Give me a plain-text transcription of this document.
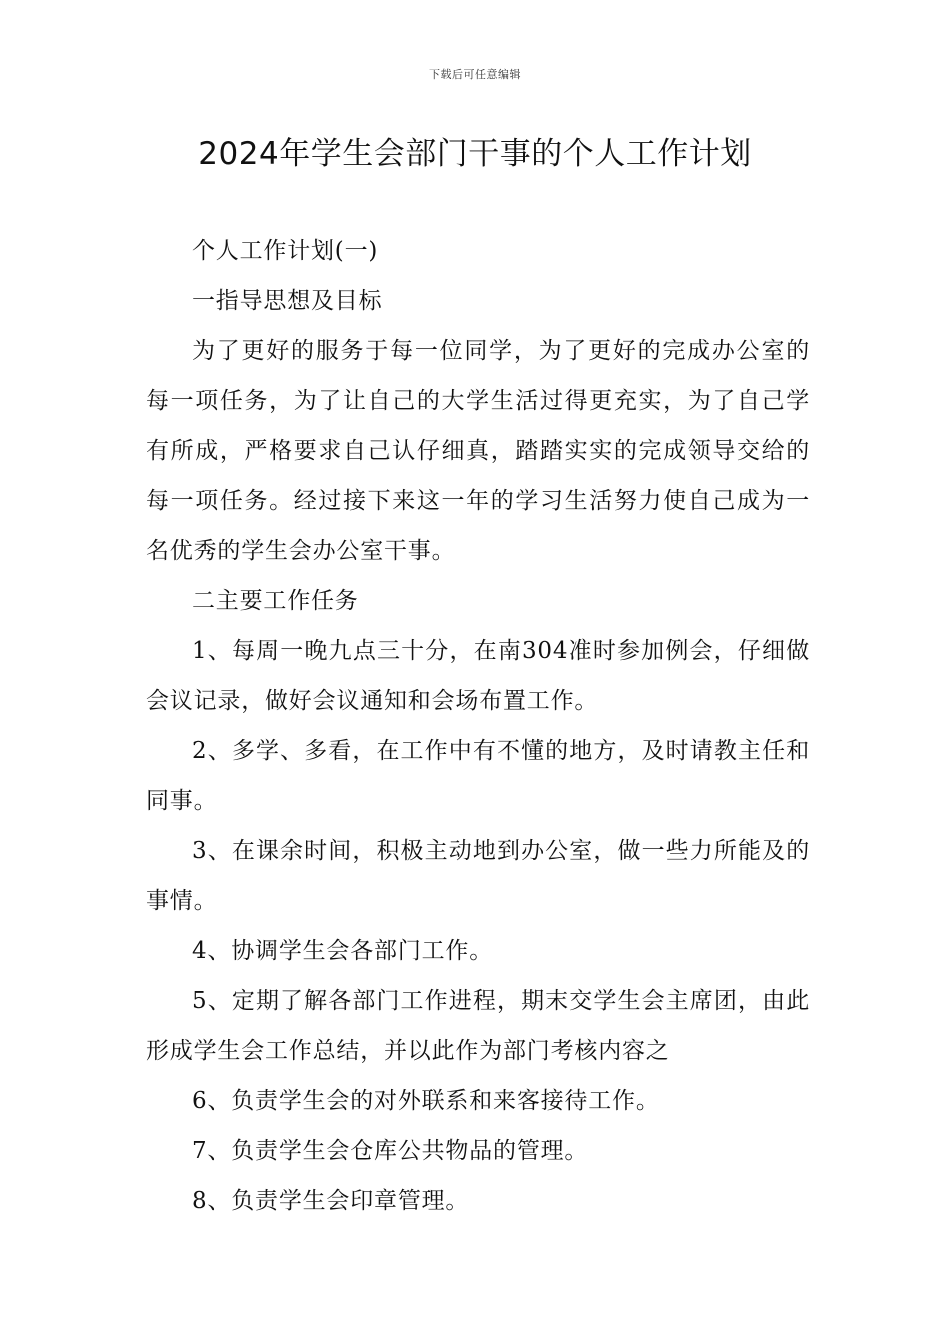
下载后可任意编辑
2024年学生会部门干事的个人工作计划

个人工作计划(一)

一指导思想及目标

为了更好的服务于每一位同学，为了更好的完成办公室的每一项任务，为了让自己的大学生活过得更充实，为了自己学有所成，严格要求自己认仔细真，踏踏实实的完成领导交给的每一项任务。经过接下来这一年的学习生活努力使自己成为一名优秀的学生会办公室干事。

二主要工作任务

1、每周一晚九点三十分，在南304准时参加例会，仔细做会议记录，做好会议通知和会场布置工作。

2、多学、多看，在工作中有不懂的地方，及时请教主任和同事。

3、在课余时间，积极主动地到办公室，做一些力所能及的事情。

4、协调学生会各部门工作。

5、定期了解各部门工作进程，期末交学生会主席团，由此形成学生会工作总结，并以此作为部门考核内容之

6、负责学生会的对外联系和来客接待工作。

7、负责学生会仓库公共物品的管理。

8、负责学生会印章管理。
